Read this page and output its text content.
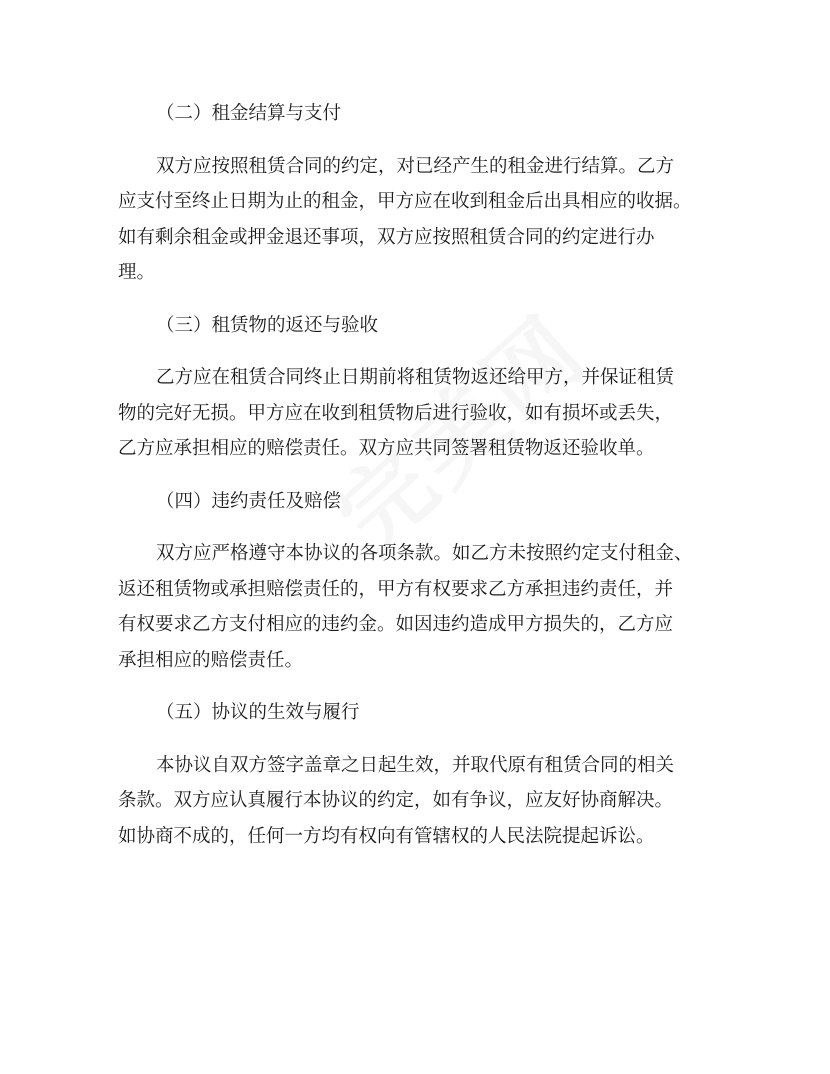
（二）租金结算与支付
双方应按照租赁合同的约定，对已经产生的租金进行结算。乙方
应支付至终止日期为止的租金，甲方应在收到租金后出具相应的收据。
如有剩余租金或押金退还事项，双方应按照租赁合同的约定进行办
理。
（三）租赁物的返还与验收
乙方应在租赁合同终止日期前将租赁物返还给甲方，并保证租赁
物的完好无损。甲方应在收到租赁物后进行验收，如有损坏或丢失，
乙方应承担相应的赔偿责任。双方应共同签署租赁物返还验收单。
（四）违约责任及赔偿
双方应严格遵守本协议的各项条款。如乙方未按照约定支付租金、
返还租赁物或承担赔偿责任的，甲方有权要求乙方承担违约责任，并
有权要求乙方支付相应的违约金。如因违约造成甲方损失的，乙方应
承担相应的赔偿责任。
（五）协议的生效与履行
本协议自双方签字盖章之日起生效，并取代原有租赁合同的相关
条款。双方应认真履行本协议的约定，如有争议，应友好协商解决。
如协商不成的，任何一方均有权向有管辖权的人民法院提起诉讼。
